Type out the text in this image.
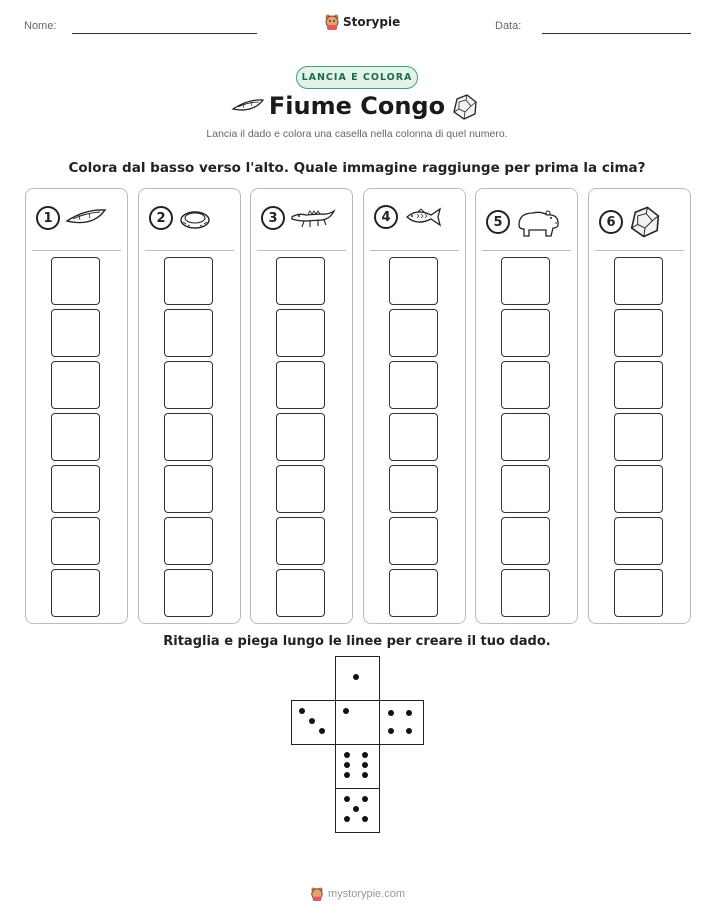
Nome:	Storypie	Data:
LANCIA E COLORA
Fiume Congo
Lancia il dado e colora una casella nella colonna di quel numero.
Colora dal basso verso l'alto. Quale immagine raggiunge per prima la cima?
1	2	3	4	5	6
Ritaglia e piega lungo le linee per creare il tuo dado.
mystorypie.com
